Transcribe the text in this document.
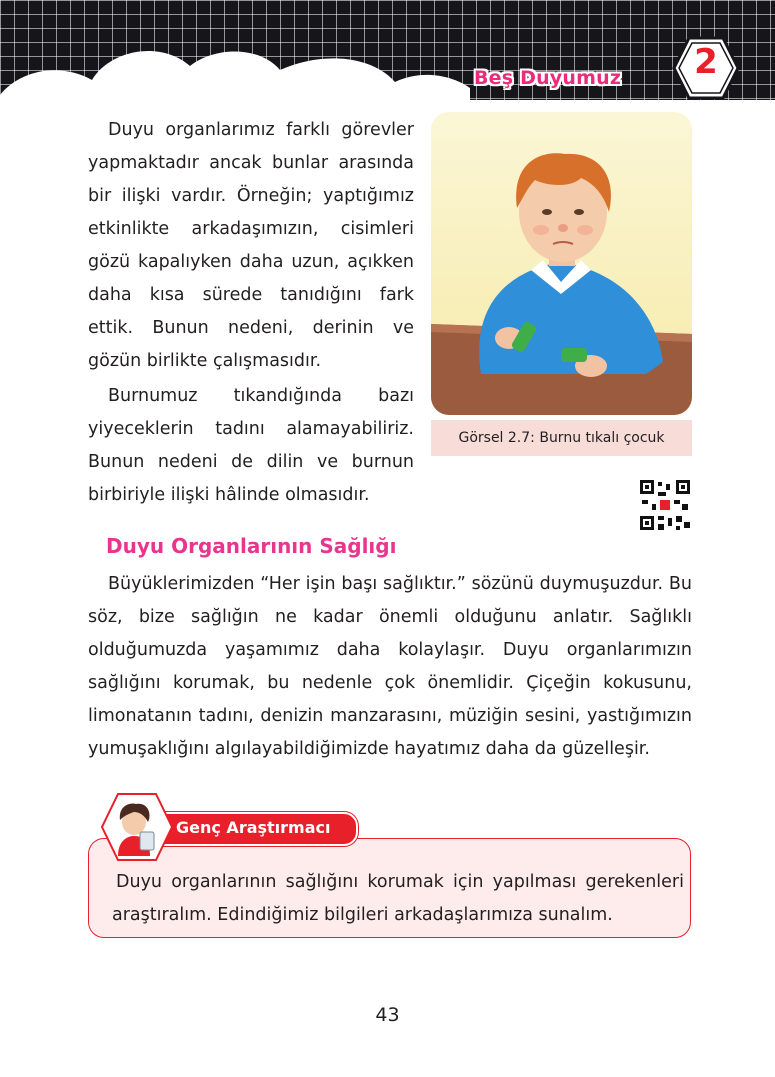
Beş Duyumuz	2

Duyu organlarımız farklı görevler yapmaktadır ancak bunlar arasında bir ilişki vardır. Örneğin; yaptığımız etkinlikte arkadaşımızın, cisimleri gözü kapalıyken daha uzun, açıkken daha kısa sürede tanıdığını fark ettik. Bunun nedeni, derinin ve gözün birlikte çalışmasıdır.

Burnumuz tıkandığında bazı yiyeceklerin tadını alamayabiliriz. Bunun nedeni de dilin ve burnun birbiriyle ilişki hâlinde olmasıdır.

Görsel 2.7: Burnu tıkalı çocuk
Duyu Organlarının Sağlığı

Büyüklerimizden “Her işin başı sağlıktır.” sözünü duymuşuzdur. Bu söz, bize sağlığın ne kadar önemli olduğunu anlatır. Sağlıklı olduğumuzda yaşamımız daha kolaylaşır. Duyu organlarımızın sağlığını korumak, bu nedenle çok önemlidir. Çiçeğin kokusunu, limonatanın tadını, denizin manzarasını, müziğin sesini, yastığımızın yumuşaklığını algılayabildiğimizde hayatımız daha da güzelleşir.

Genç Araştırmacı

Duyu organlarının sağlığını korumak için yapılması gerekenleri araştıralım. Edindiğimiz bilgileri arkadaşlarımıza sunalım.

43
